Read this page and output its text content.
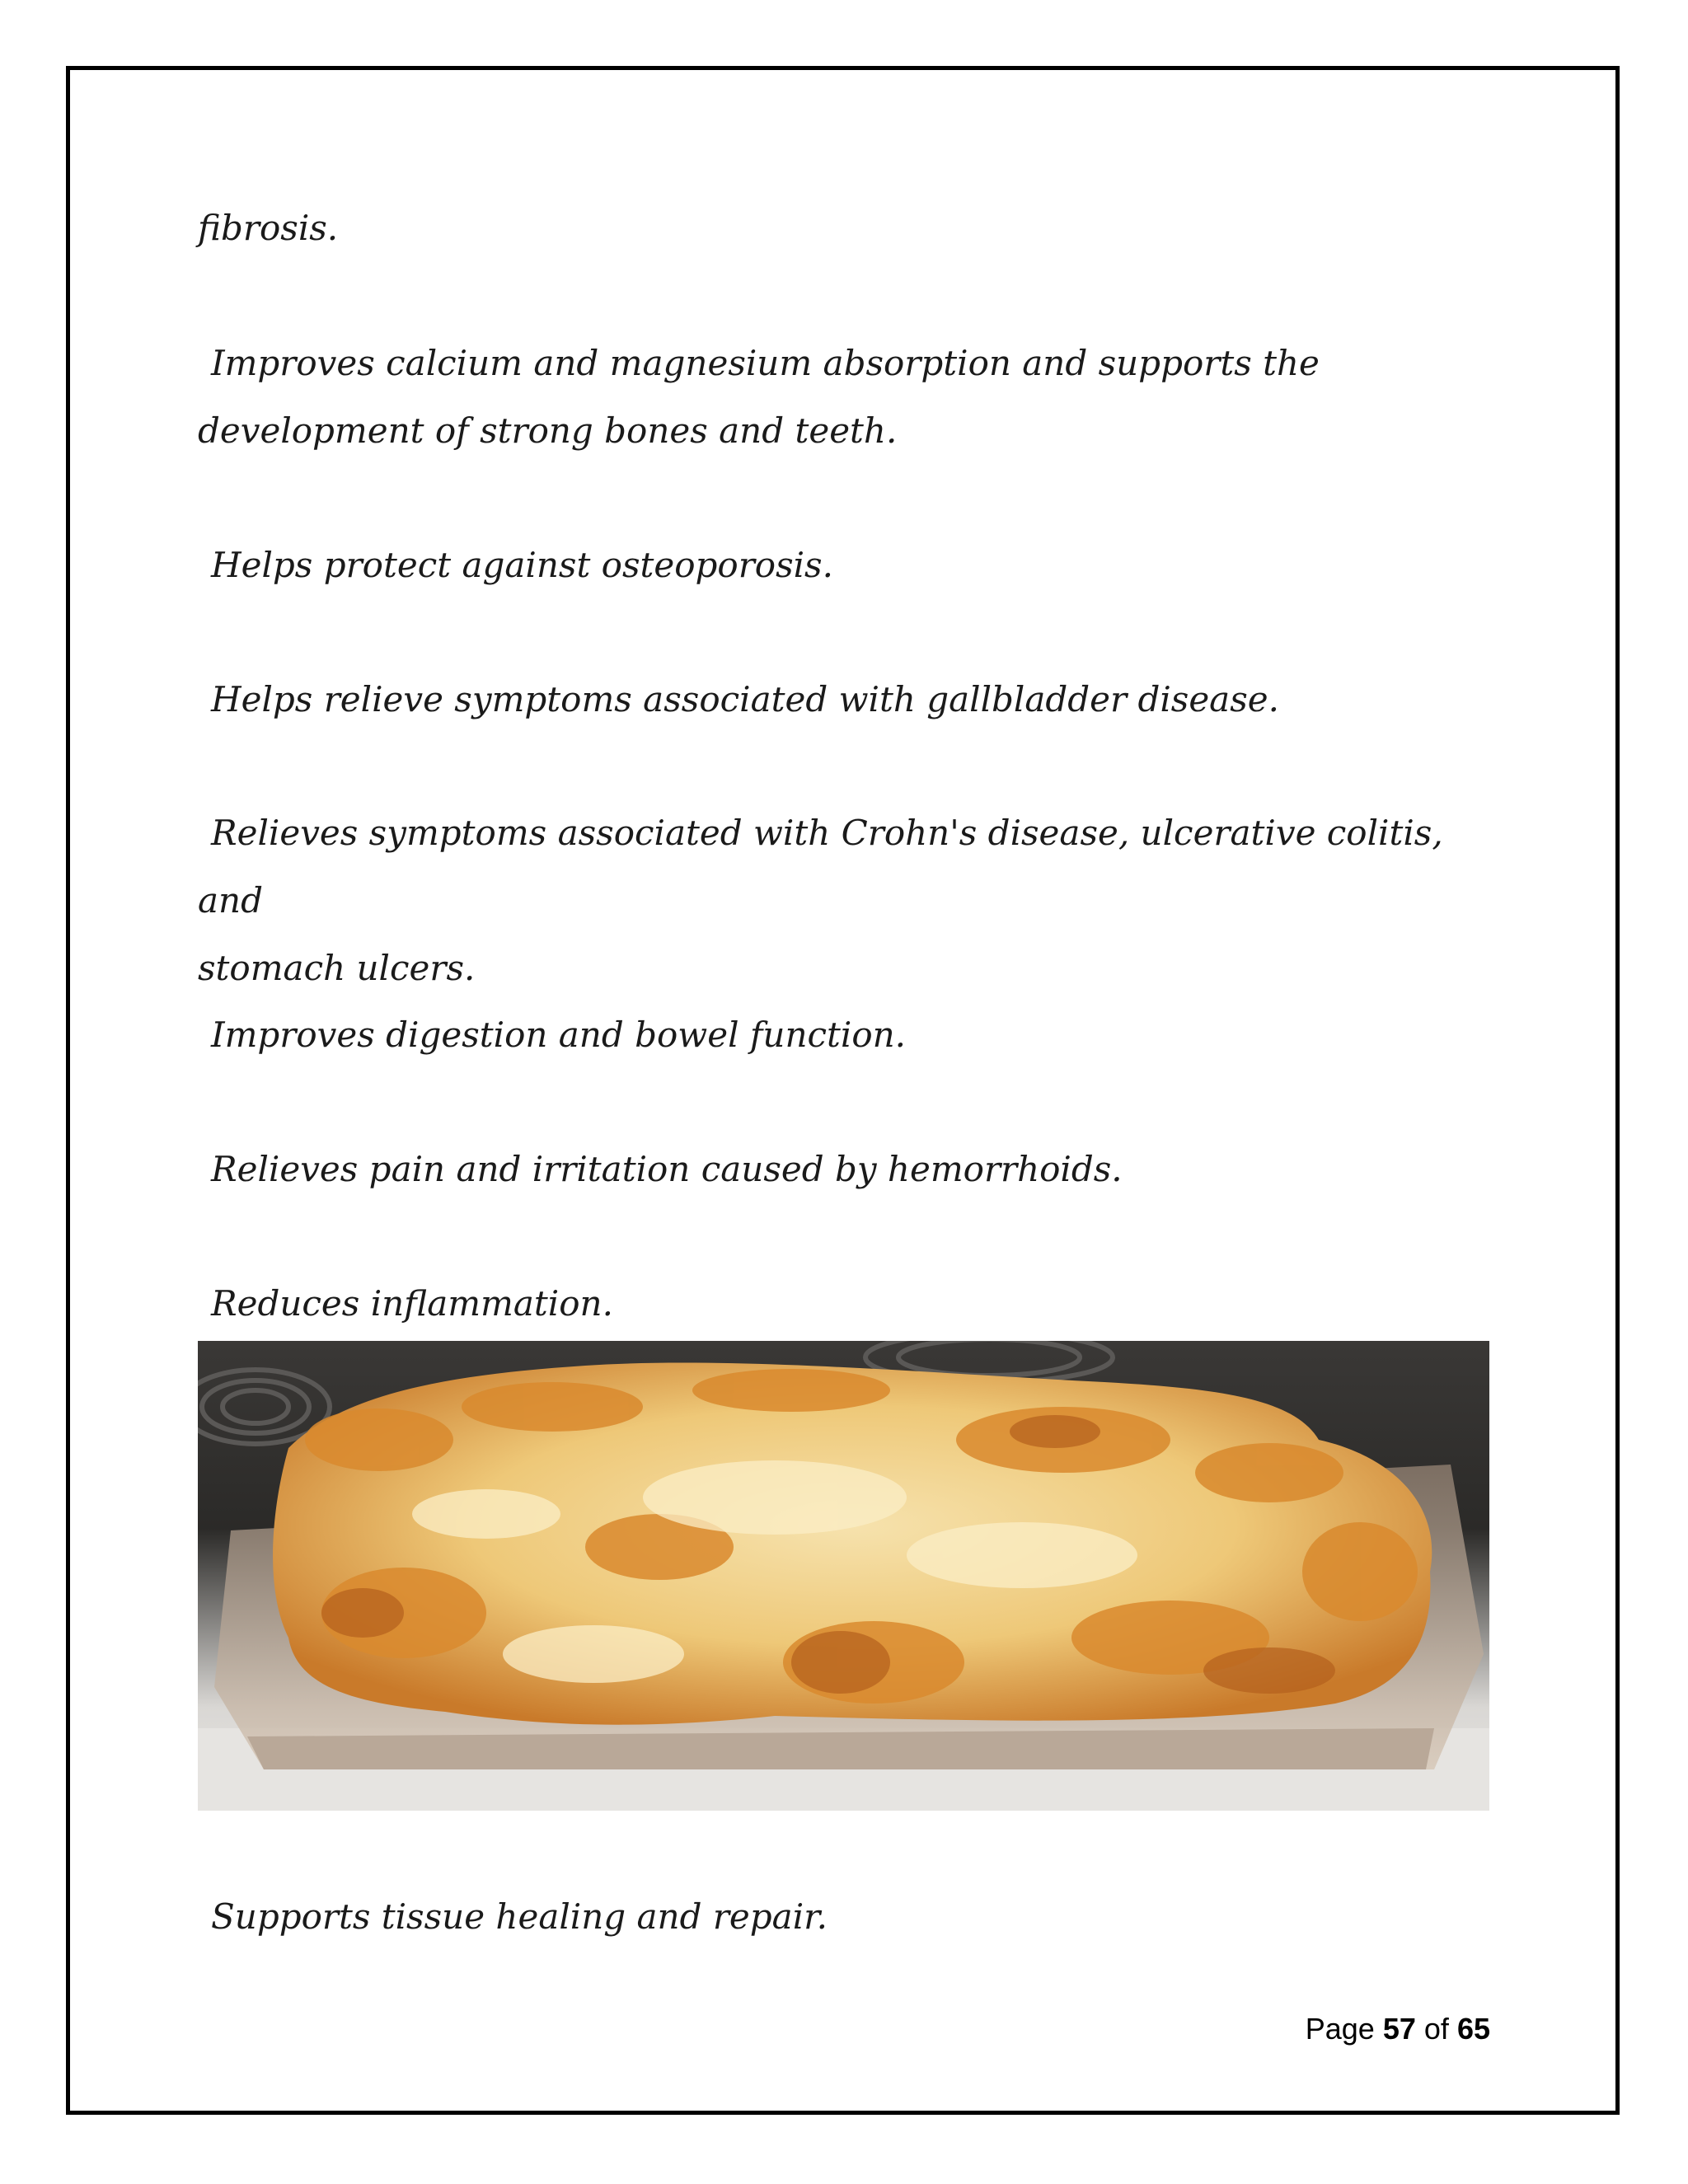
fibrosis.

Improves calcium and magnesium absorption and supports the
development of strong bones and teeth.

Helps protect against osteoporosis.

Helps relieve symptoms associated with gallbladder disease.

Relieves symptoms associated with Crohn's disease, ulcerative colitis, and
stomach ulcers.

Improves digestion and bowel function.

Relieves pain and irritation caused by hemorrhoids.

Reduces inflammation.

Supports tissue healing and repair.

Page 57 of 65
